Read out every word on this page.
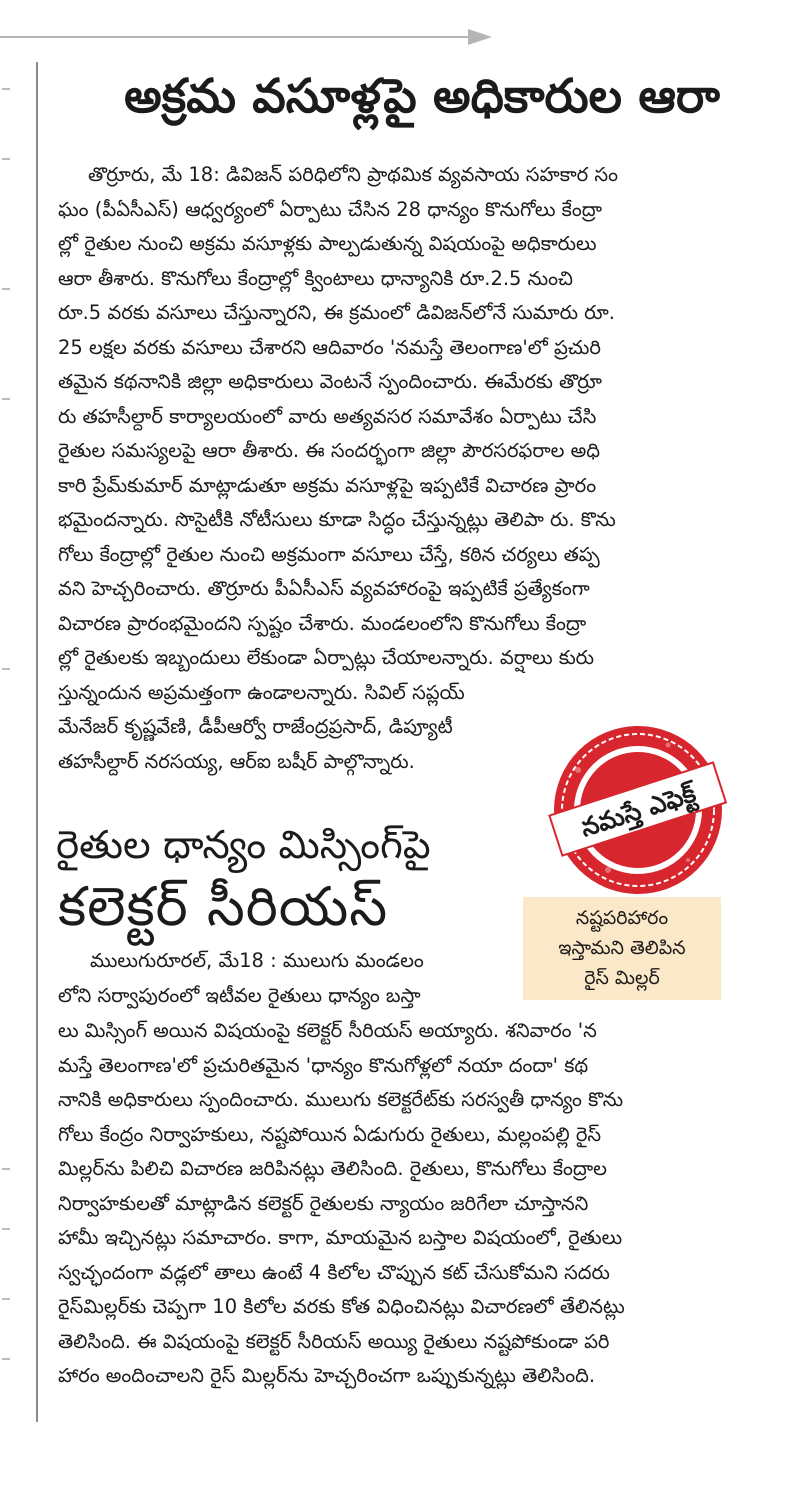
అక్రమ వసూళ్లపై అధికారుల ఆరా
తొర్రూరు, మే 18: డివిజన్ పరిధిలోని ప్రాథమిక వ్యవసాయ సహకార సం
ఘం (పీఏసీఎస్) ఆధ్వర్యంలో ఏర్పాటు చేసిన 28 ధాన్యం కొనుగోలు కేంద్రా
ల్లో రైతుల నుంచి అక్రమ వసూళ్లకు పాల్పడుతున్న విషయంపై అధికారులు
ఆరా తీశారు. కొనుగోలు కేంద్రాల్లో క్వింటాలు ధాన్యానికి రూ.2.5 నుంచి
రూ.5 వరకు వసూలు చేస్తున్నారని, ఈ క్రమంలో డివిజన్‌లోనే సుమారు రూ.
25 లక్షల వరకు వసూలు చేశారని ఆదివారం 'నమస్తే తెలంగాణ'లో ప్రచురి
తమైన కథనానికి జిల్లా అధికారులు వెంటనే స్పందించారు. ఈమేరకు తొర్రూ
రు తహసీల్దార్ కార్యాలయంలో వారు అత్యవసర సమావేశం ఏర్పాటు చేసి
రైతుల సమస్యలపై ఆరా తీశారు. ఈ సందర్భంగా జిల్లా పౌరసరఫరాల అధి
కారి ప్రేమ్‌కుమార్ మాట్లాడుతూ అక్రమ వసూళ్లపై ఇప్పటికే విచారణ ప్రారం
భమైందన్నారు. సొసైటీకి నోటీసులు కూడా సిద్ధం చేస్తున్నట్లు తెలిపా రు. కొను
గోలు కేంద్రాల్లో రైతుల నుంచి అక్రమంగా వసూలు చేస్తే, కఠిన చర్యలు తప్ప
వని హెచ్చరించారు. తొర్రూరు పీఏసీఎస్ వ్యవహారంపై ఇప్పటికే ప్రత్యేకంగా
విచారణ ప్రారంభమైందని స్పష్టం చేశారు. మండలంలోని కొనుగోలు కేంద్రా
ల్లో రైతులకు ఇబ్బందులు లేకుండా ఏర్పాట్లు చేయాలన్నారు. వర్షాలు కురు
స్తున్నందున అప్రమత్తంగా ఉండాలన్నారు. సివిల్ సప్లయ్
మేనేజర్ కృష్ణవేణి, డీపీఆర్వో రాజేంద్రప్రసాద్, డిప్యూటీ
తహసీల్దార్ నరసయ్య, ఆర్ఐ బషీర్ పాల్గొన్నారు.
నమస్తే ఎఫెక్ట్
రైతుల ధాన్యం మిస్సింగ్‌పై
కలెక్టర్ సీరియస్	నష్టపరిహారం
ఇస్తామని తెలిపిన
రైస్ మిల్లర్
ములుగురూరల్, మే18 : ములుగు మండలం
లోని సర్వాపురంలో ఇటీవల రైతులు ధాన్యం బస్తా
లు మిస్సింగ్ అయిన విషయంపై కలెక్టర్ సీరియస్ అయ్యారు. శనివారం 'న
మస్తే తెలంగాణ'లో ప్రచురితమైన 'ధాన్యం కొనుగోళ్లలో నయా దందా' కథ
నానికి అధికారులు స్పందించారు. ములుగు కలెక్టరేట్‌కు సరస్వతీ ధాన్యం కొను
గోలు కేంద్రం నిర్వాహకులు, నష్టపోయిన ఏడుగురు రైతులు, మల్లంపల్లి రైస్
మిల్లర్‌ను పిలిచి విచారణ జరిపినట్లు తెలిసింది. రైతులు, కొనుగోలు కేంద్రాల
నిర్వాహకులతో మాట్లాడిన కలెక్టర్ రైతులకు న్యాయం జరిగేలా చూస్తానని
హామీ ఇచ్చినట్లు సమాచారం. కాగా, మాయమైన బస్తాల విషయంలో, రైతులు
స్వచ్ఛందంగా వడ్లలో తాలు ఉంటే 4 కిలోల చొప్పున కట్ చేసుకోమని సదరు
రైస్‌మిల్లర్‌కు చెప్పగా 10 కిలోల వరకు కోత విధించినట్లు విచారణలో తేలినట్లు
తెలిసింది. ఈ విషయంపై కలెక్టర్ సీరియస్ అయ్యి రైతులు నష్టపోకుండా పరి
హారం అందించాలని రైస్ మిల్లర్‌ను హెచ్చరించగా ఒప్పుకున్నట్లు తెలిసింది.
